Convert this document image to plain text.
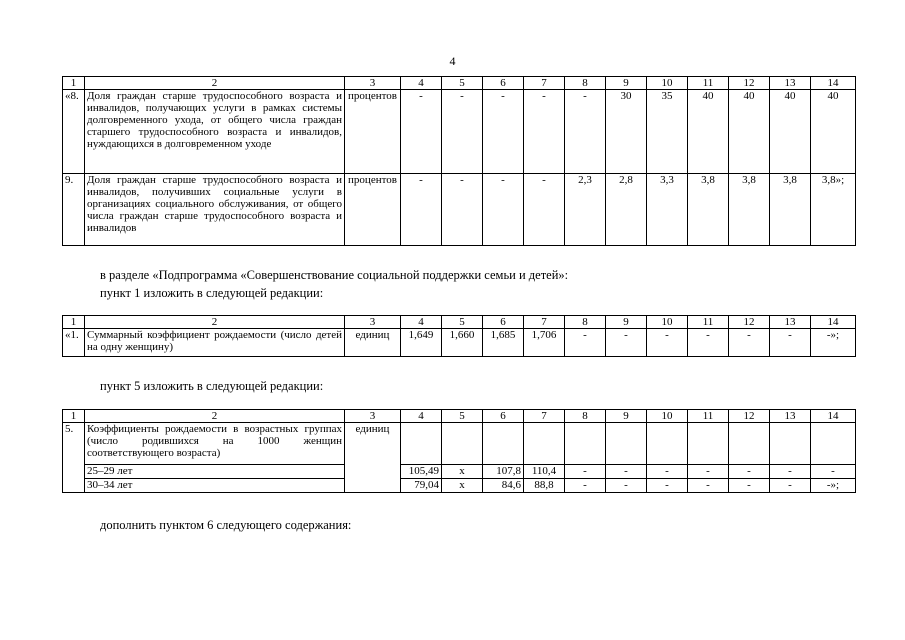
4
1	2	3	4	5	6	7	8	9	10	11	12	13	14
«8.	Доля граждан старше трудоспособного возраста и инвалидов, получающих услуги в рамках системы долговременного ухода, от общего числа граждан старшего трудоспособного возраста и инвалидов, нуждающихся в долговременном уходе	процентов	-	-	-	-	-	30	35	40	40	40	40
9.	Доля граждан старше трудоспособного возраста и инвалидов, получивших социальные услуги в организациях социального обслуживания, от общего числа граждан старше трудоспособного возраста и инвалидов	процентов	-	-	-	-	2,3	2,8	3,3	3,8	3,8	3,8	3,8»;
в разделе «Подпрограмма «Совершенствование социальной поддержки семьи и детей»:
пункт 1 изложить в следующей редакции:
1	2	3	4	5	6	7	8	9	10	11	12	13	14
«1.	Суммарный коэффициент рождаемости (число детей на одну женщину)	единиц	1,649	1,660	1,685	1,706	-	-	-	-	-	-	-»;
пункт 5 изложить в следующей редакции:
1	2	3	4	5	6	7	8	9	10	11	12	13	14
5.	Коэффициенты рождаемости в возрастных группах (число родившихся на 1000 женщин соответствующего возраста)	единиц											
	25–29 лет		105,49	x	107,8	110,4	-	-	-	-	-	-	-
	30–34 лет		79,04	x	84,6	88,8	-	-	-	-	-	-	-»;
дополнить пунктом 6 следующего содержания:
